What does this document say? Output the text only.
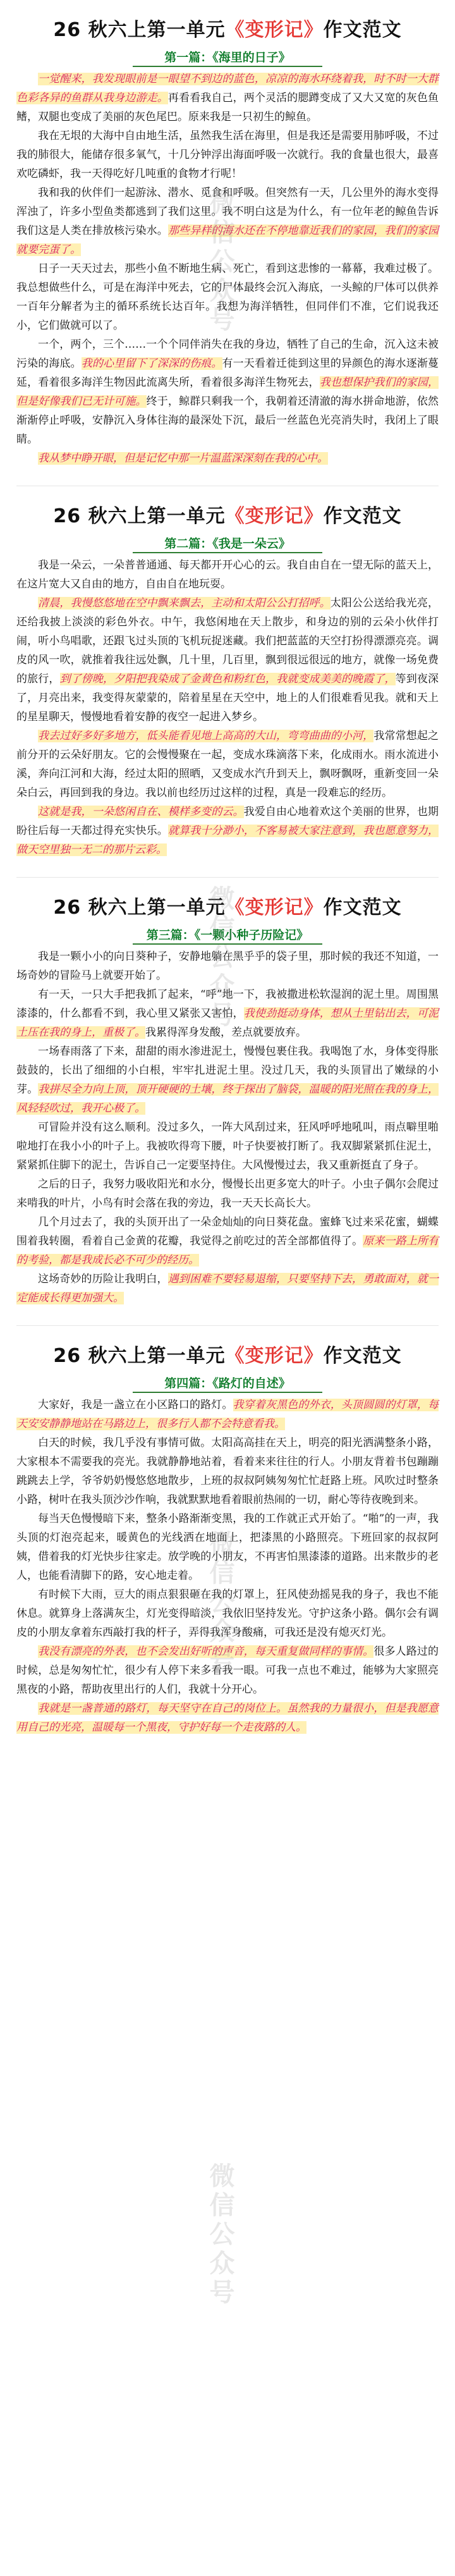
26 秋六上第一单元《变形记》作文范文
第一篇：《海里的日子》

一觉醒来，我发现眼前是一眼望不到边的蓝色，凉凉的海水环绕着我，时不时一大群色彩各异的鱼群从我身边游走。再看看我自己，两个灵活的腮蹲变成了又大又宽的灰色鱼鳍，双腿也变成了美丽的灰色尾巴。原来我是一只初生的鲸鱼。

我在无垠的大海中自由地生活，虽然我生活在海里，但是我还是需要用肺呼吸，不过我的肺很大，能储存很多氧气，十几分钟浮出海面呼吸一次就行。我的食量也很大，最喜欢吃磷虾，我一天得吃好几吨重的食物才行呢！

我和我的伙伴们一起游泳、潜水、觅食和呼吸。但突然有一天，几公里外的海水变得浑浊了，许多小型鱼类都逃到了我们这里。我不明白这是为什么，有一位年老的鲸鱼告诉我们这是人类在排放核污染水。那些异样的海水还在不停地靠近我们的家园，我们的家园就要完蛋了。

日子一天天过去，那些小鱼不断地生病、死亡，看到这悲惨的一幕幕，我难过极了。我总想做些什么，可是在海洋中死去，它的尸体最终会沉入海底，一头鲸的尸体可以供养一百年分解者为主的循环系统长达百年。我想为海洋牺牲，但同伴们不准，它们说我还小，它们做就可以了。

一个，两个，三个……一个个同伴消失在我的身边，牺牲了自己的生命，沉入这未被污染的海底。我的心里留下了深深的伤痕。有一天看着迁徙到这里的异颜色的海水逐渐蔓延，看着很多海洋生物因此流离失所，看着很多海洋生物死去，我也想保护我们的家园，但是好像我们已无计可施。终于，鲸群只剩我一个，我朝着还清澈的海水拼命地游，依然渐渐停止呼吸，安静沉入身体往海的最深处下沉，最后一丝蓝色光亮消失时，我闭上了眼睛。

我从梦中睁开眼，但是记忆中那一片温蓝深深刻在我的心中。

26 秋六上第一单元《变形记》作文范文
第二篇：《我是一朵云》

我是一朵云，一朵普普通通、每天都开开心心的云。我自由自在一望无际的蓝天上，在这片宽大又自由的地方，自由自在地玩耍。

清晨，我慢悠悠地在空中飘来飘去，主动和太阳公公打招呼。太阳公公送给我光亮，还给我披上淡淡的彩色外衣。中午，我悠闲地在天上散步，和身边的别的云朵小伙伴打闹，听小鸟唱歌，还跟飞过头顶的飞机玩捉迷藏。我们把蓝蓝的天空打扮得漂漂亮亮。调皮的风一吹，就推着我往远处飘，几十里，几百里，飘到很远很远的地方，就像一场免费的旅行，到了傍晚，夕阳把我染成了金黄色和粉红色，我就变成美美的晚霞了，等到夜深了，月亮出来，我变得灰蒙蒙的，陪着星星在天空中，地上的人们很难看见我。就和天上的星星聊天，慢慢地看着安静的夜空一起进入梦乡。

我去过好多好多地方，低头能看见地上高高的大山，弯弯曲曲的小河，我常常想起之前分开的云朵好朋友。它的会慢慢聚在一起，变成水珠滴落下来，化成雨水。雨水流进小溪，奔向江河和大海，经过太阳的照晒，又变成水汽升到天上，飘呀飘呀，重新变回一朵朵白云，再回到我的身边。我以前也经历过这样的过程，真是一段难忘的经历。

这就是我，一朵悠闲自在、模样多变的云。我爱自由心地着欢这个美丽的世界，也期盼往后每一天都过得充实快乐。就算我十分渺小，不客易被大家注意到，我也愿意努力，做天空里独一无二的那片云彩。

26 秋六上第一单元《变形记》作文范文
第三篇：《一颗小种子历险记》

我是一颗小小的向日葵种子，安静地躺在黑乎乎的袋子里，那时候的我还不知道，一场奇妙的冒险马上就要开始了。

有一天，一只大手把我抓了起来，“呼”地一下，我被撒进松软湿润的泥土里。周围黑漆漆的，什么都看不到，我心里又紧张又害怕，我使劲挺动身体，想从土里钻出去，可泥土压在我的身上，重极了。我累得浑身发酸，差点就要放弃。

一场春雨落了下来，甜甜的雨水渗进泥土，慢慢包裹住我。我喝饱了水，身体变得胀鼓鼓的，长出了细细的小白根，牢牢扎进泥土里。没过几天，我的头顶冒出了嫩绿的小芽。我拼尽全力向上顶，顶开硬硬的土壤，终于探出了脑袋，温暖的阳光照在我的身上，风轻轻吹过，我开心极了。

可冒险并没有这么顺利。没过多久，一阵大风刮过来，狂风呼呼地吼叫，雨点噼里啪啦地打在我小小的叶子上。我被吹得弯下腰，叶子快要被打断了。我双脚紧紧抓住泥土，紧紧抓住脚下的泥土，告诉自己一定要坚持住。大风慢慢过去，我又重新挺直了身子。

之后的日子，我努力吸收阳光和水分，慢慢长出更多宽大的叶子。小虫子偶尔会爬过来啃我的叶片，小鸟有时会落在我的旁边，我一天天长高长大。

几个月过去了，我的头顶开出了一朵金灿灿的向日葵花盘。蜜蜂飞过来采花蜜，蝴蝶围着我转圈，看着自己金黄的花瓣，我觉得之前吃过的苦全部都值得了。原来一路上所有的考验，都是我成长必不可少的经历。

这场奇妙的历险让我明白，遇到困难不要轻易退缩，只要坚持下去，勇敢面对，就一定能成长得更加强大。

26 秋六上第一单元《变形记》作文范文
第四篇：《路灯的自述》

大家好，我是一盏立在小区路口的路灯。我穿着灰黑色的外衣，头顶圆圆的灯罩，每天安安静静地站在马路边上，很多行人都不会特意看我。

白天的时候，我几乎没有事情可做。太阳高高挂在天上，明亮的阳光洒满整条小路，大家根本不需要我的亮光。我就静静地站着，看着来来往往的行人。小朋友背着书包蹦蹦跳跳去上学，爷爷奶奶慢悠悠地散步，上班的叔叔阿姨匆匆忙忙赶路上班。风吹过时整条小路，树叶在我头顶沙沙作响，我就默默地看着眼前热闹的一切，耐心等待夜晚到来。

每当天色慢慢暗下来，整条小路渐渐变黑，我的工作就正式开始了。“啪”的一声，我头顶的灯泡亮起来，暖黄色的光线洒在地面上，把漆黑的小路照亮。下班回家的叔叔阿姨，借着我的灯光快步往家走。放学晚的小朋友，不再害怕黑漆漆的道路。出来散步的老人，也能看清脚下的路，安心地走着。

有时候下大雨，豆大的雨点狠狠砸在我的灯罩上，狂风使劲摇晃我的身子，我也不能休息。就算身上落满灰尘，灯光变得暗淡，我依旧坚持发光。守护这条小路。偶尔会有调皮的小朋友拿着东西敲打我的杆子，弄得我浑身酸痛，可我还是没有熄灭灯光。

我没有漂亮的外表，也不会发出好听的声音，每天重复做同样的事情。很多人路过的时候，总是匆匆忙忙，很少有人停下来多看我一眼。可我一点也不难过，能够为大家照亮黑夜的小路，帮助夜里出行的人们，我就十分开心。

我就是一盏普通的路灯，每天坚守在自己的岗位上。虽然我的力量很小，但是我愿意用自己的光亮，温暖每一个黑夜，守护好每一个走夜路的人。

微信公众号
微信公众号
微信公众号
微信公众号
